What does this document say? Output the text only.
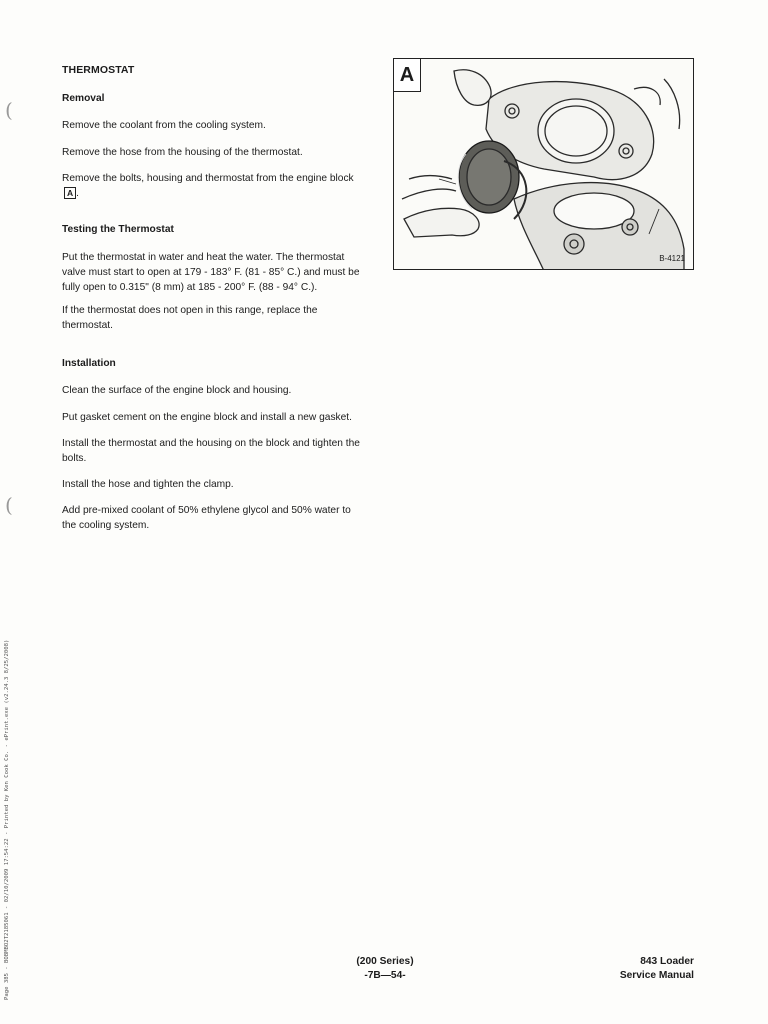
THERMOSTAT
Removal
Remove the coolant from the cooling system.
Remove the hose from the housing of the thermostat.
Remove the bolts, housing and thermostat from the engine block A .
Testing the Thermostat
Put the thermostat in water and heat the water. The thermostat valve must start to open at 179 - 183° F. (81 - 85° C.) and must be fully open to 0.315" (8 mm) at 185 - 200° F. (88 - 94° C.).
If the thermostat does not open in this range, replace the thermostat.
Installation
Clean the surface of the engine block and housing.
Put gasket cement on the engine block and install a new gasket.
Install the thermostat and the housing on the block and tighten the bolts.
Install the hose and tighten the clamp.
Add pre-mixed coolant of 50% ethylene glycol and 50% water to the cooling system.
A
B-4121
(
(
Page 385 - BOBMBO2T2185061 - 02/10/2009 17:54:22 - Printed by Ken Cook Co. - ePrint.exe (v2.24.3 8/25/2008)	(200 Series)
-7B—54-
843 Loader
Service Manual
